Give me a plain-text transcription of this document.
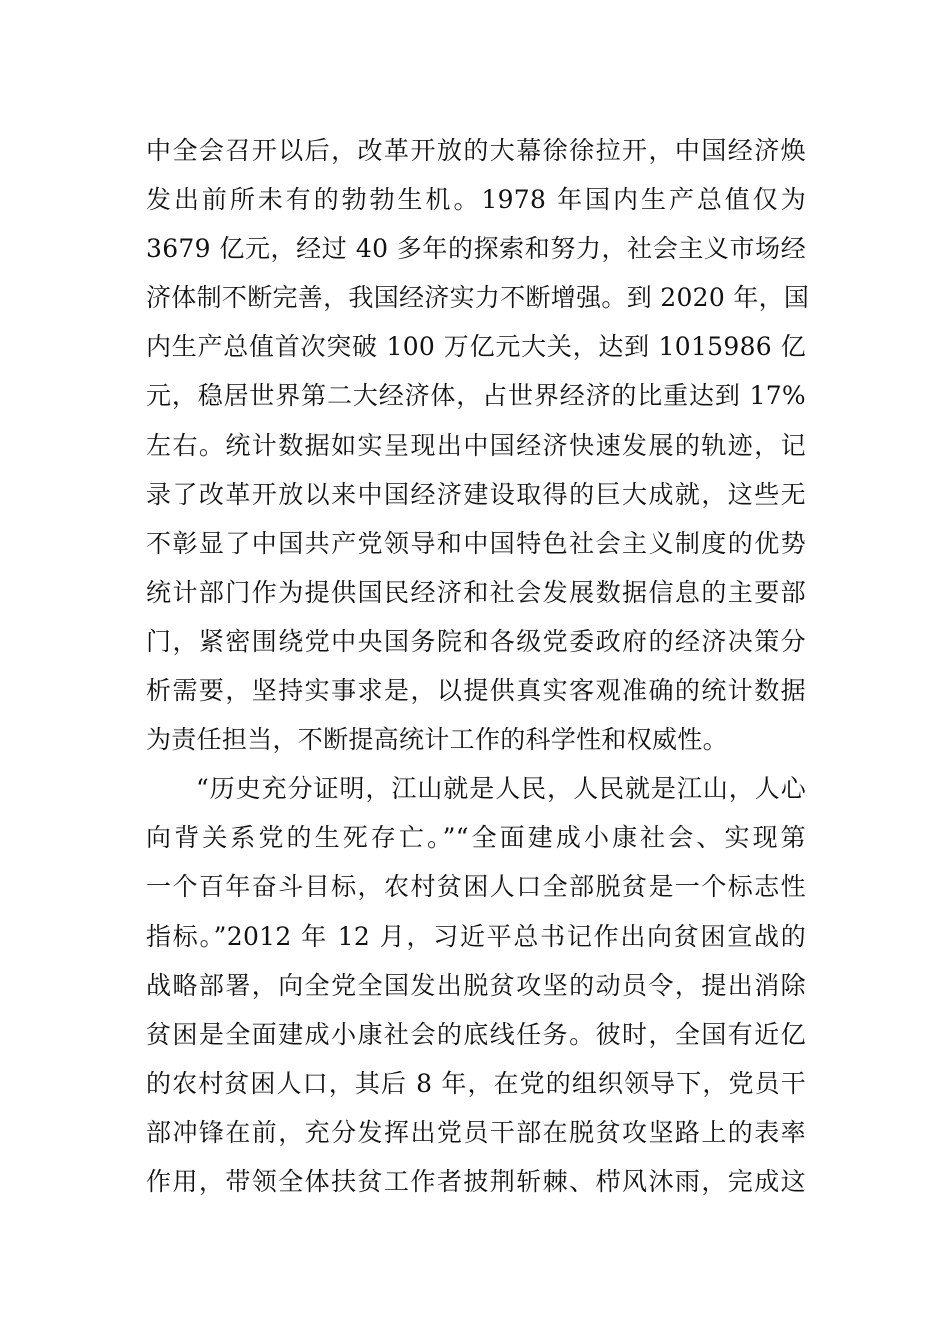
中全会召开以后，改革开放的大幕徐徐拉开，中国经济焕
发出前所未有的勃勃生机。1978 年国内生产总值仅为
3679 亿元，经过 40 多年的探索和努力，社会主义市场经
济体制不断完善，我国经济实力不断增强。到 2020 年，国
内生产总值首次突破 100 万亿元大关，达到 1015986 亿
元，稳居世界第二大经济体，占世界经济的比重达到 17%
左右。统计数据如实呈现出中国经济快速发展的轨迹，记
录了改革开放以来中国经济建设取得的巨大成就，这些无
不彰显了中国共产党领导和中国特色社会主义制度的优势
统计部门作为提供国民经济和社会发展数据信息的主要部
门，紧密围绕党中央国务院和各级党委政府的经济决策分
析需要，坚持实事求是，以提供真实客观准确的统计数据
为责任担当，不断提高统计工作的科学性和权威性。
“历史充分证明，江山就是人民，人民就是江山，人心
向背关系党的生死存亡。”“全面建成小康社会、实现第
一个百年奋斗目标，农村贫困人口全部脱贫是一个标志性
指标。”2012 年 12 月，习近平总书记作出向贫困宣战的
战略部署，向全党全国发出脱贫攻坚的动员令，提出消除
贫困是全面建成小康社会的底线任务。彼时，全国有近亿
的农村贫困人口，其后 8 年，在党的组织领导下，党员干
部冲锋在前，充分发挥出党员干部在脱贫攻坚路上的表率
作用，带领全体扶贫工作者披荆斩棘、栉风沐雨，完成这
